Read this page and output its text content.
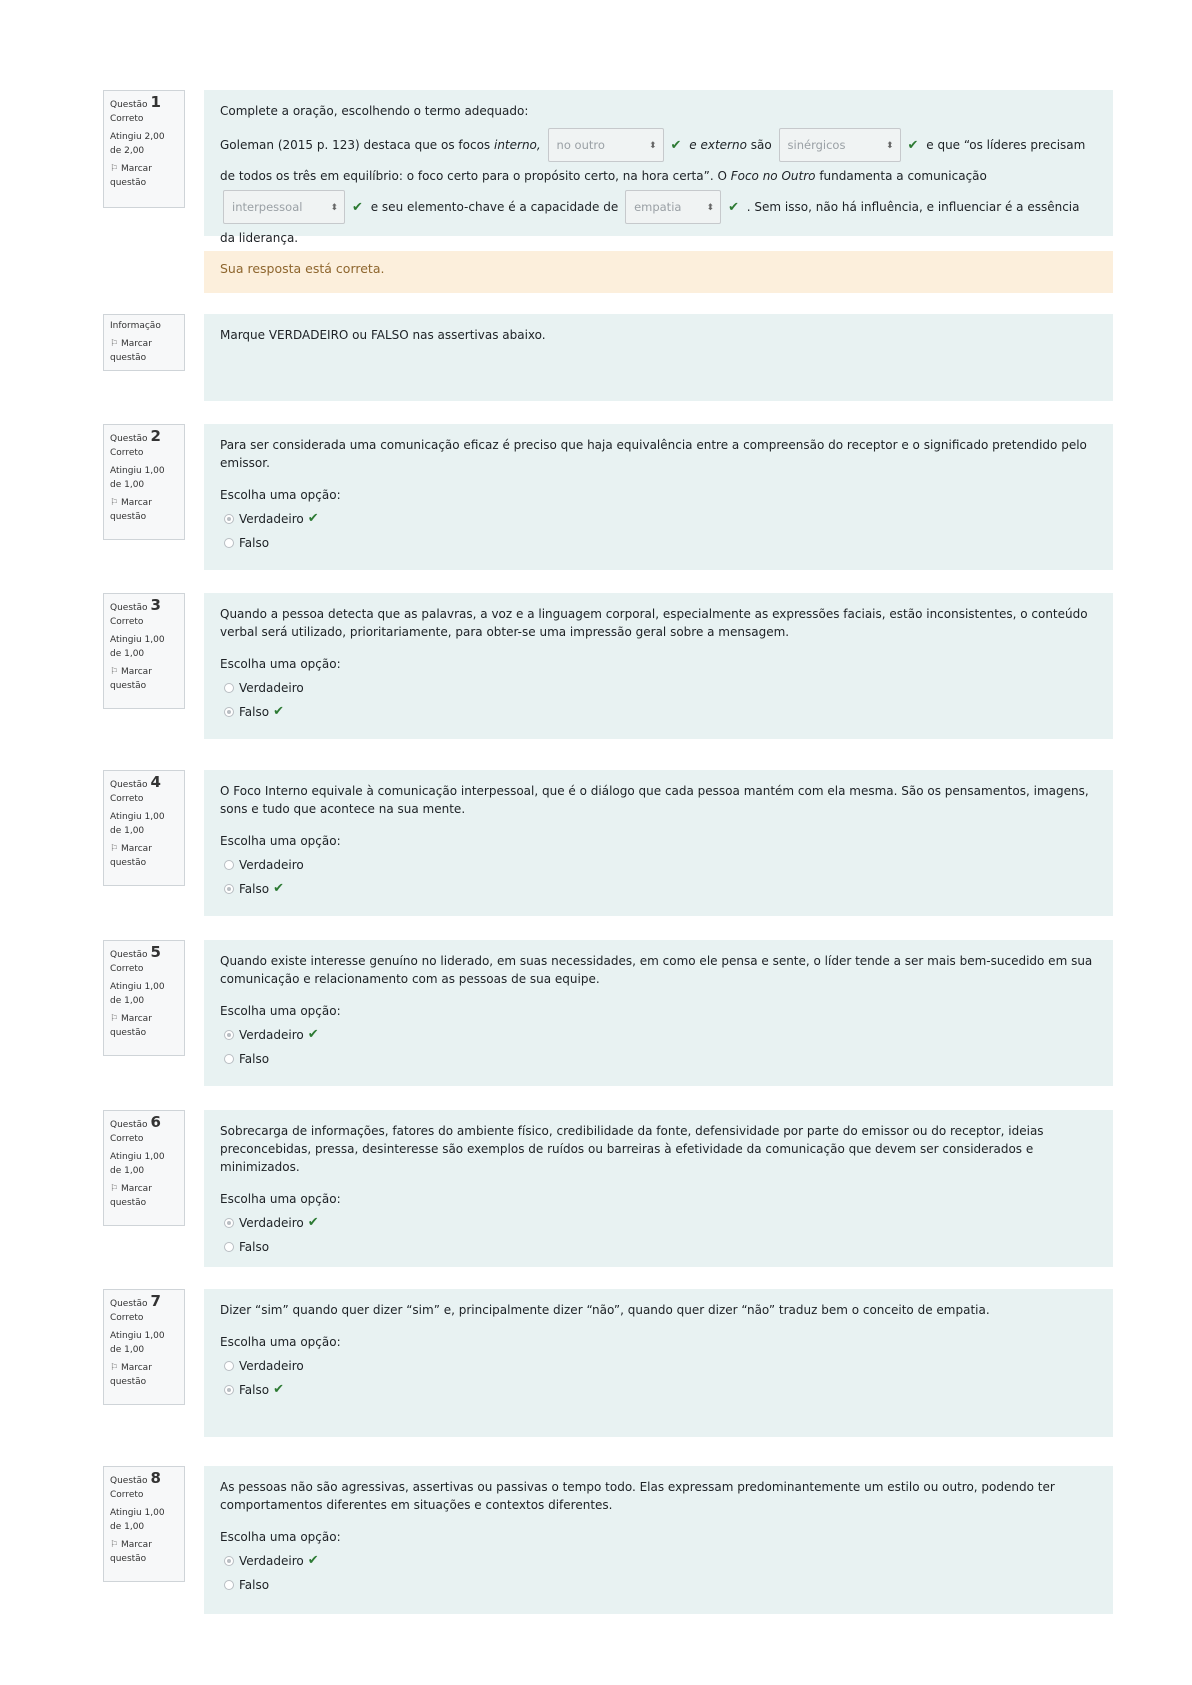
Questão 1
Correto
Atingiu 2,00 de 2,00
⚐ Marcar questão
Complete a oração, escolhendo o termo adequado:
Goleman (2015 p. 123) destaca que os focos interno, no outro	⬍ ✔ e externo são sinérgicos	⬍ ✔ e que “os líderes precisam de todos os três em equilíbrio: o foco certo para o propósito certo, na hora certa”. O Foco no Outro fundamenta a comunicação interpessoal	⬍ ✔ e seu elemento-chave é a capacidade de empatia	⬍ ✔ . Sem isso, não há influência, e influenciar é a essência da liderança.
Sua resposta está correta.
Informação
⚐ Marcar questão
Marque VERDADEIRO ou FALSO nas assertivas abaixo.
Questão 2
Correto
Atingiu 1,00 de 1,00
⚐ Marcar questão
Para ser considerada uma comunicação eficaz é preciso que haja equivalência entre a compreensão do receptor e o significado pretendido pelo emissor.
Escolha uma opção:
Verdadeiro ✔
Falso
Questão 3
Correto
Atingiu 1,00 de 1,00
⚐ Marcar questão
Quando a pessoa detecta que as palavras, a voz e a linguagem corporal, especialmente as expressões faciais, estão inconsistentes, o conteúdo verbal será utilizado, prioritariamente, para obter-se uma impressão geral sobre a mensagem.
Escolha uma opção:
Verdadeiro
Falso ✔
Questão 4
Correto
Atingiu 1,00 de 1,00
⚐ Marcar questão
O Foco Interno equivale à comunicação interpessoal, que é o diálogo que cada pessoa mantém com ela mesma. São os pensamentos, imagens, sons e tudo que acontece na sua mente.
Escolha uma opção:
Verdadeiro
Falso ✔
Questão 5
Correto
Atingiu 1,00 de 1,00
⚐ Marcar questão
Quando existe interesse genuíno no liderado, em suas necessidades, em como ele pensa e sente, o líder tende a ser mais bem-sucedido em sua comunicação e relacionamento com as pessoas de sua equipe.
Escolha uma opção:
Verdadeiro ✔
Falso
Questão 6
Correto
Atingiu 1,00 de 1,00
⚐ Marcar questão
Sobrecarga de informações, fatores do ambiente físico, credibilidade da fonte, defensividade por parte do emissor ou do receptor, ideias preconcebidas, pressa, desinteresse são exemplos de ruídos ou barreiras à efetividade da comunicação que devem ser considerados e minimizados.
Escolha uma opção:
Verdadeiro ✔
Falso
Questão 7
Correto
Atingiu 1,00 de 1,00
⚐ Marcar questão
Dizer “sim” quando quer dizer “sim” e, principalmente dizer “não”, quando quer dizer “não” traduz bem o conceito de empatia.
Escolha uma opção:
Verdadeiro
Falso ✔
Questão 8
Correto
Atingiu 1,00 de 1,00
⚐ Marcar questão
As pessoas não são agressivas, assertivas ou passivas o tempo todo. Elas expressam predominantemente um estilo ou outro, podendo ter comportamentos diferentes em situações e contextos diferentes.
Escolha uma opção:
Verdadeiro ✔
Falso
